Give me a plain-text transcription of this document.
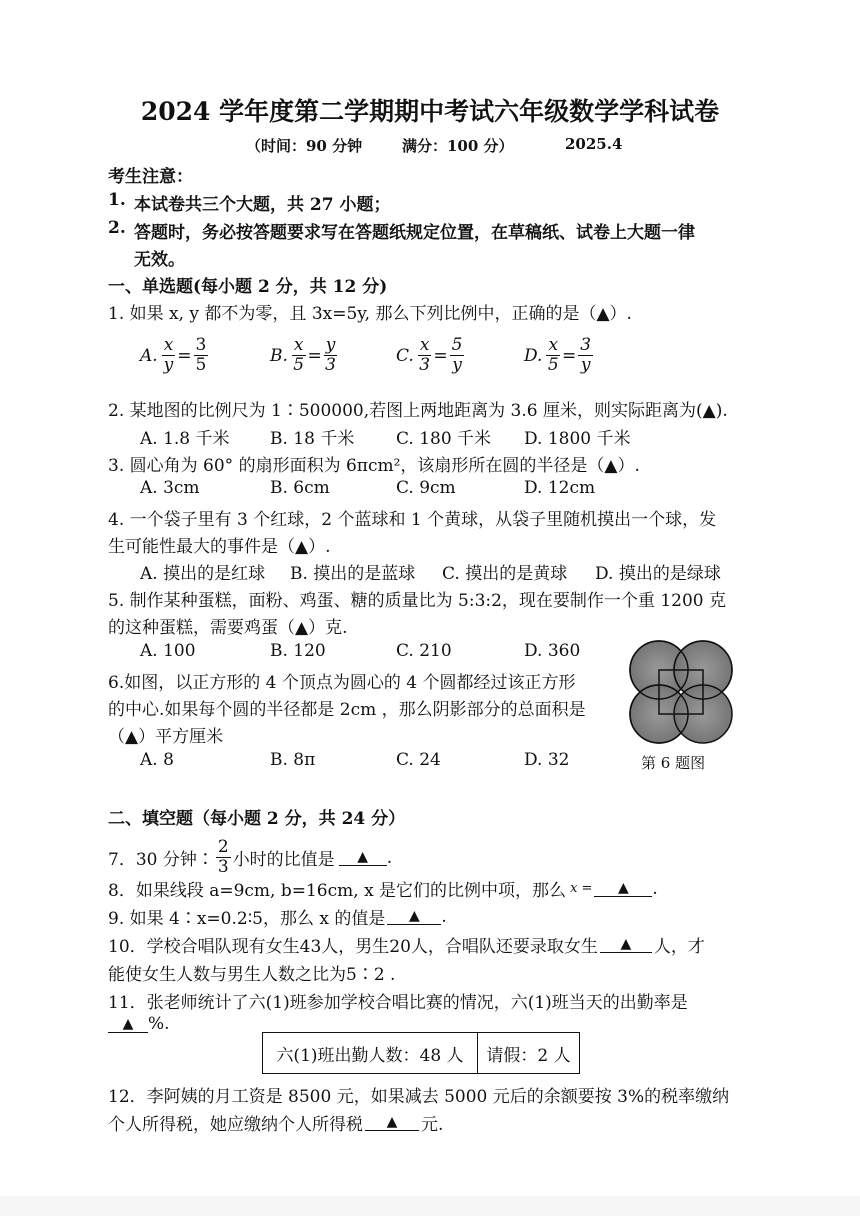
2024 学年度第二学期期中考试六年级数学学科试卷
（时间：90 分钟	满分：100 分）	2025.4
考生注意：
1. 本试卷共三个大题，共 27 小题；
2. 答题时，务必按答题要求写在答题纸规定位置，在草稿纸、试卷上大题一律
无效。
一、单选题(每小题 2 分，共 12 分)
1. 如果 x, y 都不为零，且 3x=5y, 那么下列比例中，正确的是（▲）.
A. $\frac{x}{y} = \frac{3}{5}$	B. $\frac{x}{5} = \frac{y}{3}$	C. $\frac{x}{3} = \frac{5}{y}$	D. $\frac{x}{5} = \frac{3}{y}$
2. 某地图的比例尺为 1∶500000,若图上两地距离为 3.6 厘米，则实际距离为(▲).
A. 1.8 千米 B. 18 千米 C. 180 千米 D. 1800 千米
3. 圆心角为 60° 的扇形面积为 6πcm²，该扇形所在圆的半径是（▲）.
A. 3cm	B. 6cm	C. 9cm	D. 12cm
4. 一个袋子里有 3 个红球，2 个蓝球和 1 个黄球，从袋子里随机摸出一个球，发
生可能性最大的事件是（▲）.
A. 摸出的是红球 B. 摸出的是蓝球 C. 摸出的是黄球 D. 摸出的是绿球
5. 制作某种蛋糕，面粉、鸡蛋、糖的质量比为 5:3:2，现在要制作一个重 1200 克
的这种蛋糕，需要鸡蛋（▲）克.
A. 100	B. 120	C. 210	D. 360
6.如图，以正方形的 4 个顶点为圆心的 4 个圆都经过该正方形
的中心.如果每个圆的半径都是 2cm ，那么阴影部分的总面积是
（▲）平方厘米
A. 8	B. 8π	C. 24	D. 32	第 6 题图
二、填空题（每小题 2 分，共 24 分）
7．30 分钟∶ $\frac{2}{3}$ 小时的比值是	▲	.
8．如果线段 a=9cm, b=16cm, x 是它们的比例中项，那么 x =	▲	.
9. 如果 4∶x=0.2∶5，那么 x 的值是	▲	.
10．学校合唱队现有女生43人，男生20人，合唱队还要录取女生	▲	人，才
能使女生人数与男生人数之比为5∶2 .
11．张老师统计了六(1)班参加学校合唱比赛的情况，六(1)班当天的出勤率是
▲ %.
六(1)班出勤人数：48 人	请假：2 人
12．李阿姨的月工资是 8500 元，如果减去 5000 元后的余额要按 3%的税率缴纳
个人所得税，她应缴纳个人所得税	▲	元.
